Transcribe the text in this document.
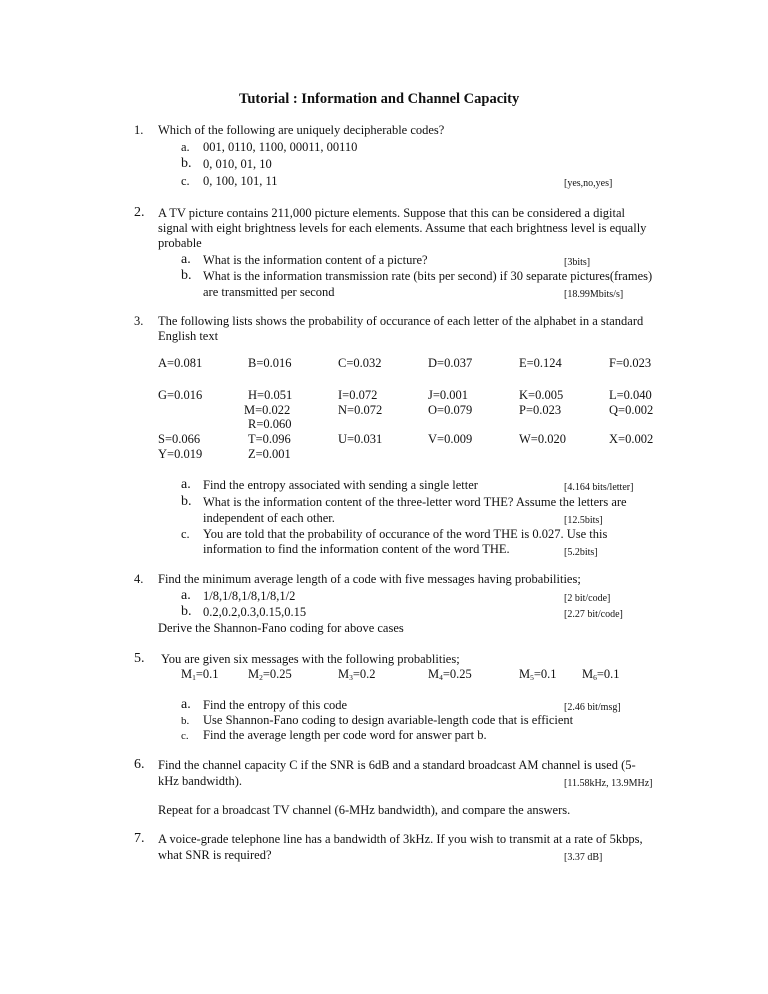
Tutorial : Information and Channel Capacity
1. Which of the following are uniquely decipherable codes?
a. 001, 0110, 1100, 00011, 00110
b. 0, 010, 01, 10
c. 0, 100, 101, 11	[yes,no,yes]
2. A TV picture contains 211,000 picture elements. Suppose that this can be considered a digital
signal with eight brightness levels for each elements. Assume that each brightness level is equally
probable
a. What is the information content of a picture?	[3bits]
b. What is the information transmission rate (bits per second) if 30 separate pictures(frames)
are transmitted per second	[18.99Mbits/s]
3. The following lists shows the probability of occurance of each letter of the alphabet in a standard
English text
A=0.081	B=0.016	C=0.032	D=0.037	E=0.124	F=0.023
G=0.016	H=0.051	I=0.072	J=0.001	K=0.005	L=0.040
M=0.022	N=0.072	O=0.079	P=0.023	Q=0.002
R=0.060
S=0.066	T=0.096	U=0.031	V=0.009	W=0.020	X=0.002
Y=0.019	Z=0.001
a. Find the entropy associated with sending a single letter	[4.164 bits/letter]
b. What is the information content of the three-letter word THE? Assume the letters are
independent of each other.	[12.5bits]
c. You are told that the probability of occurance of the word THE is 0.027. Use this
information to find the information content of the word THE.	[5.2bits]
4. Find the minimum average length of a code with five messages having probabilities;
a. 1/8,1/8,1/8,1/8,1/2	[2 bit/code]
b. 0.2,0.2,0.3,0.15,0.15	[2.27 bit/code]
Derive the Shannon-Fano coding for above cases
5. You are given six messages with the following probablities;
$M_1=0.1$ $M_2=0.25$	$M_3=0.2$	$M_4=0.25$	$M_5=0.1$ $M_6=0.1$
a. Find the entropy of this code	[2.46 bit/msg]
b. Use Shannon-Fano coding to design avariable-length code that is efficient
c. Find the average length per code word for answer part b.
6. Find the channel capacity C if the SNR is 6dB and a standard broadcast AM channel is used (5-
kHz bandwidth).	[11.58kHz, 13.9MHz]
Repeat for a broadcast TV channel (6-MHz bandwidth), and compare the answers.
7. A voice-grade telephone line has a bandwidth of 3kHz. If you wish to transmit at a rate of 5kbps,
what SNR is required?	[3.37 dB]
